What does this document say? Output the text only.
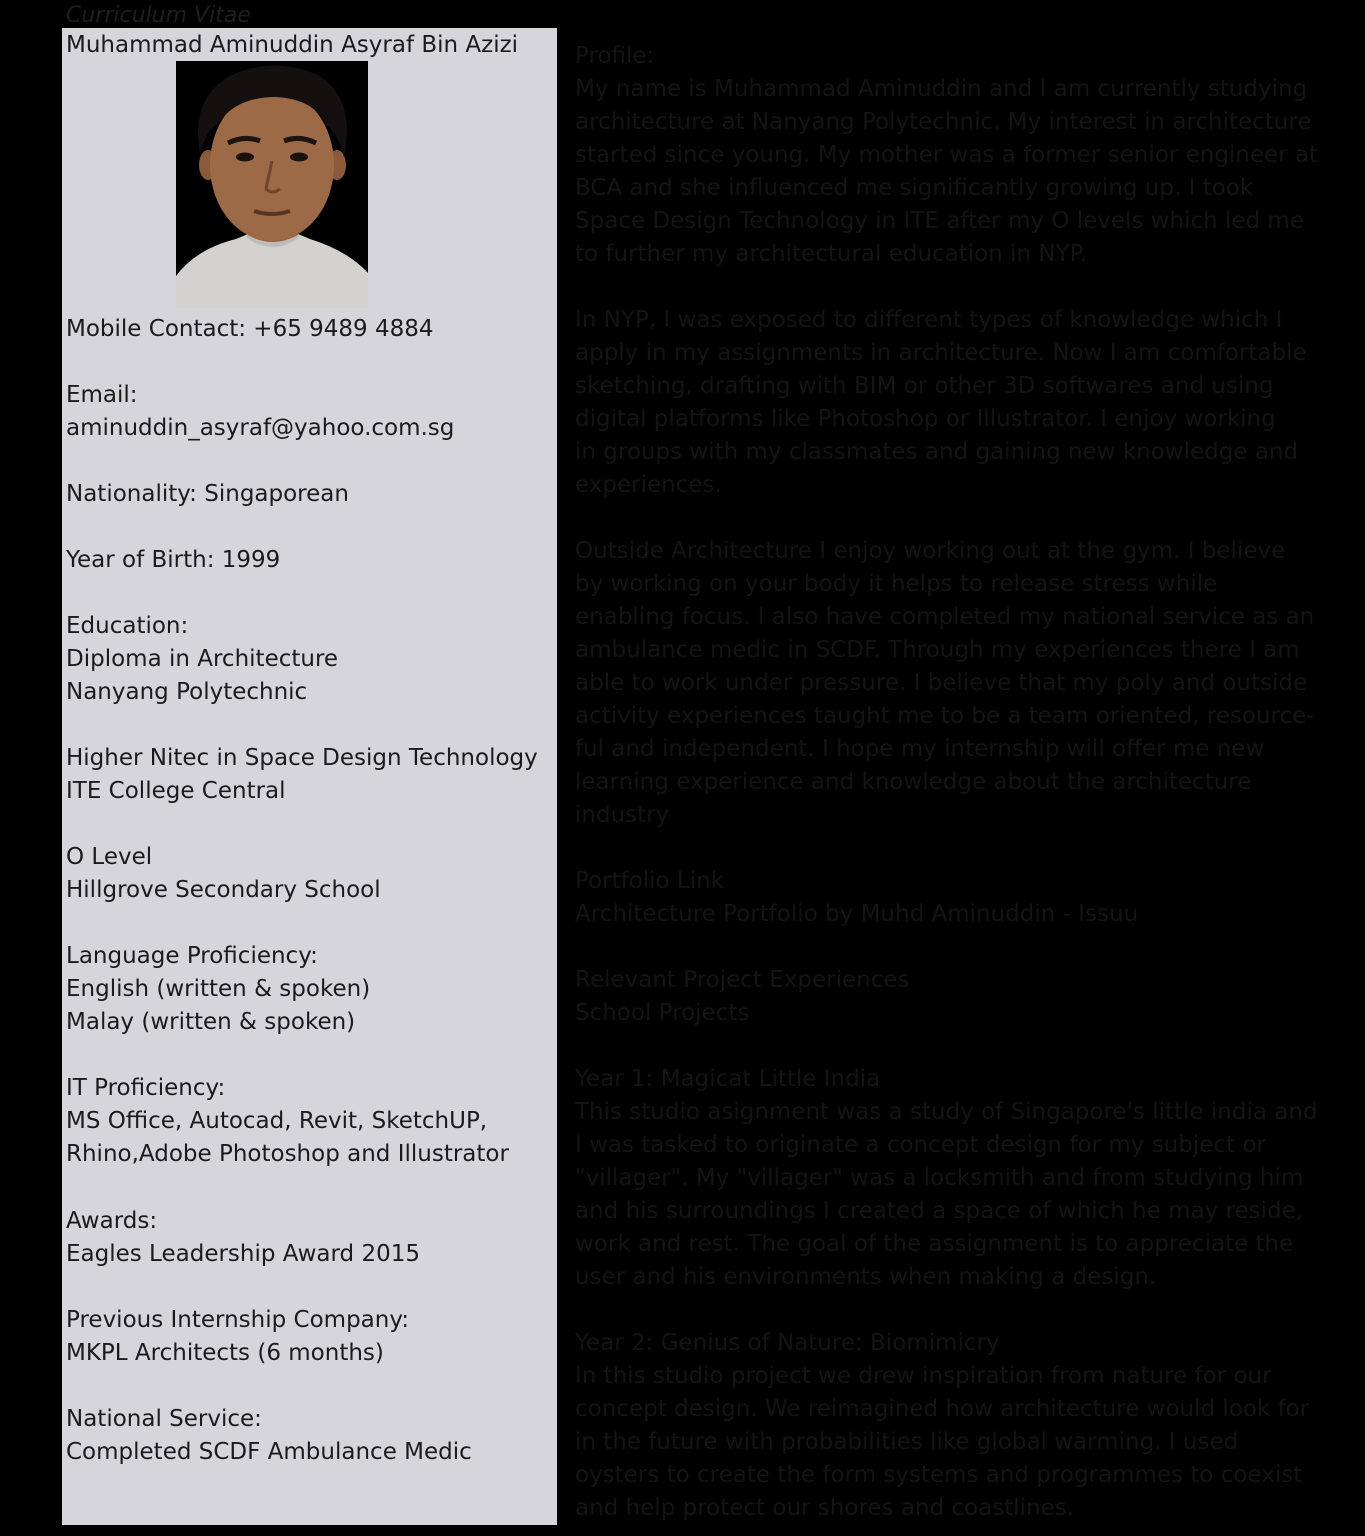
Curriculum Vitae
Muhammad Aminuddin Asyraf Bin Azizi
Mobile Contact: +65 9489 4884
Email:
aminuddin_asyraf@yahoo.com.sg
Nationality: Singaporean
Year of Birth: 1999
Education:
Diploma in Architecture
Nanyang Polytechnic
Higher Nitec in Space Design Technology
ITE College Central
O Level
Hillgrove Secondary School
Language Proficiency:
English (written & spoken)
Malay (written & spoken)
IT Proficiency:
MS Office, Autocad, Revit, SketchUP,
Rhino,Adobe Photoshop and Illustrator
Awards:
Eagles Leadership Award 2015
Previous Internship Company:
MKPL Architects (6 months)
National Service:
Completed SCDF Ambulance Medic
Profile:
My name is Muhammad Aminuddin and I am currently studying
architecture at Nanyang Polytechnic. My interest in architecture
started since young. My mother was a former senior engineer at
BCA and she influenced me significantly growing up. I took
Space Design Technology in ITE after my O levels which led me
to further my architectural education in NYP.
In NYP, I was exposed to different types of knowledge which I
apply in my assignments in architecture. Now I am comfortable
sketching, drafting with BIM or other 3D softwares and using
digital platforms like Photoshop or Illustrator. I enjoy working
in groups with my classmates and gaining new knowledge and
experiences.
Outside Architecture I enjoy working out at the gym. I believe
by working on your body it helps to release stress while
enabling focus. I also have completed my national service as an
ambulance medic in SCDF. Through my experiences there I am
able to work under pressure. I believe that my poly and outside
activity experiences taught me to be a team oriented, resource-
ful and independent. I hope my internship will offer me new
learning experience and knowledge about the architecture
industry
Portfolio Link
Architecture Portfolio by Muhd Aminuddin - Issuu
Relevant Project Experiences
School Projects
Year 1: Magicat Little India
This studio asignment was a study of Singapore's little india and
I was tasked to originate a concept design for my subject or
"villager". My "villager" was a locksmith and from studying him
and his surroundings I created a space of which he may reside,
work and rest. The goal of the assignment is to appreciate the
user and his environments when making a design.
Year 2: Genius of Nature: Biomimicry
In this studio project we drew inspiration from nature for our
concept design. We reimagined how architecture would look for
in the future with probabilities like global warming. I used
oysters to create the form systems and programmes to coexist
and help protect our shores and coastlines.
